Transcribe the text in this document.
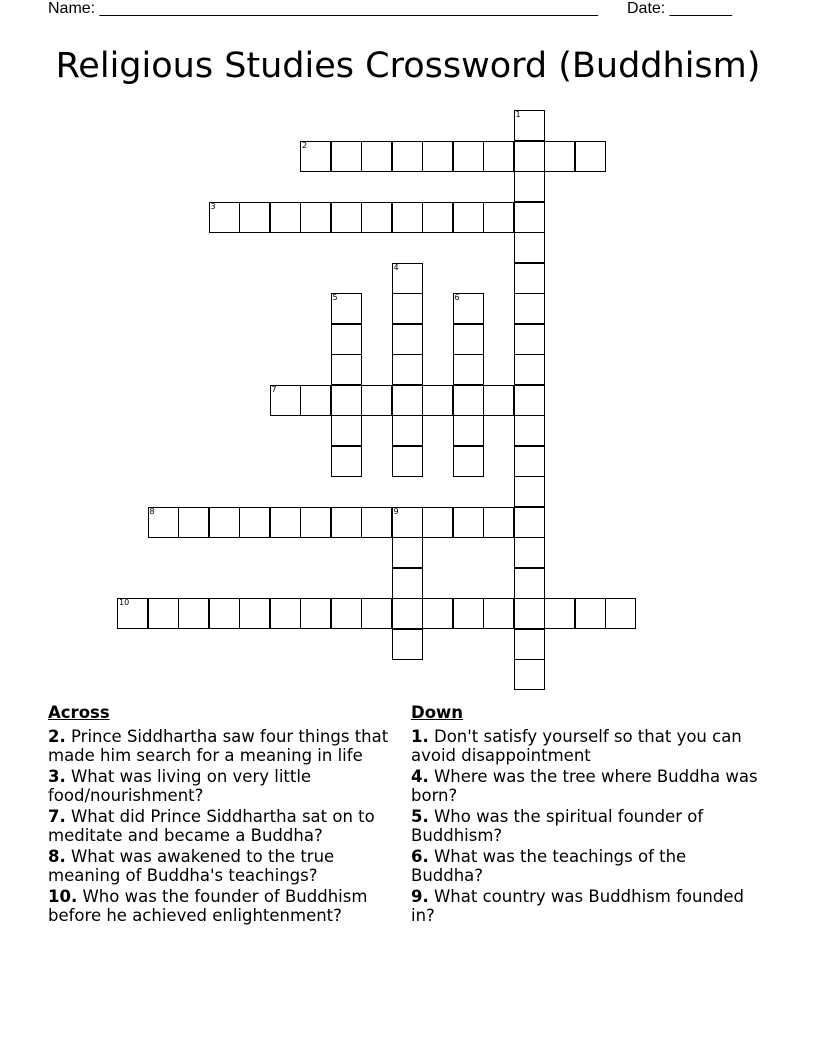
Name: ________________________________________________________ Date: _______
Religious Studies Crossword (Buddhism)
1
2
3
4
5	6
7
8	9
10
Across

2. Prince Siddhartha saw four things that made him search for a meaning in life

3. What was living on very little food/nourishment?

7. What did Prince Siddhartha sat on to meditate and became a Buddha?

8. What was awakened to the true meaning of Buddha's teachings?

10. Who was the founder of Buddhism before he achieved enlightenment?

Down

1. Don't satisfy yourself so that you can avoid disappointment

4. Where was the tree where Buddha was born?

5. Who was the spiritual founder of Buddhism?

6. What was the teachings of the Buddha?

9. What country was Buddhism founded in?
